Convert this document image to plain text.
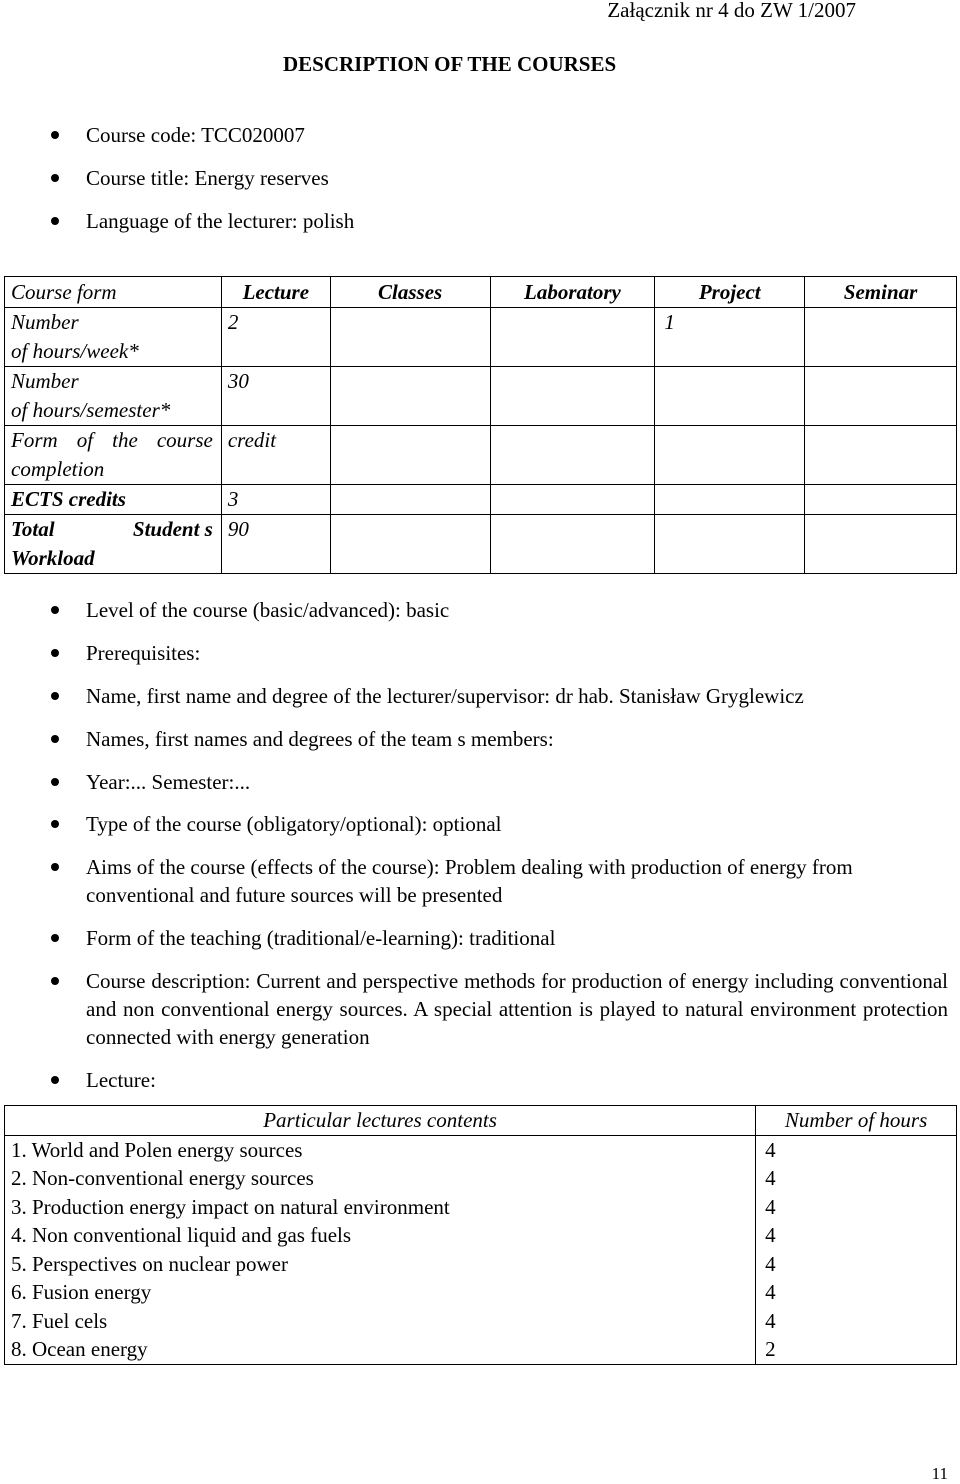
Załącznik nr 4 do ZW 1/2007
DESCRIPTION OF THE COURSES
Course code: TCC020007
Course title: Energy reserves
Language of the lecturer: polish
Course form	Lecture	Classes	Laboratory	Project	Seminar

Number
of hours/week*	2			1	

Number
of hours/semester*	30				

Form of the course
completion	credit				
ECTS credits	3				

Total Student s
Workload	90				
Level of the course (basic/advanced): basic
Prerequisites:
Name, first name and degree of the lecturer/supervisor: dr hab. Stanisław Gryglewicz
Names, first names and degrees of the team s members:
Year:... Semester:...
Type of the course (obligatory/optional): optional
Aims of the course (effects of the course): Problem dealing with production of energy from conventional and future sources will be presented
Form of the teaching (traditional/e-learning): traditional
Course description: Current and perspective methods for production of energy including conventional and non conventional energy sources. A special attention is played to natural environment protection connected with energy generation
Lecture:
Particular lectures contents	Number of hours
1. World and Polen energy sources	4
2. Non-conventional energy sources	4
3. Production energy impact on natural environment	4
4. Non conventional liquid and gas fuels	4
5. Perspectives on nuclear power	4
6. Fusion energy	4
7. Fuel cels	4
8. Ocean energy	2
11
